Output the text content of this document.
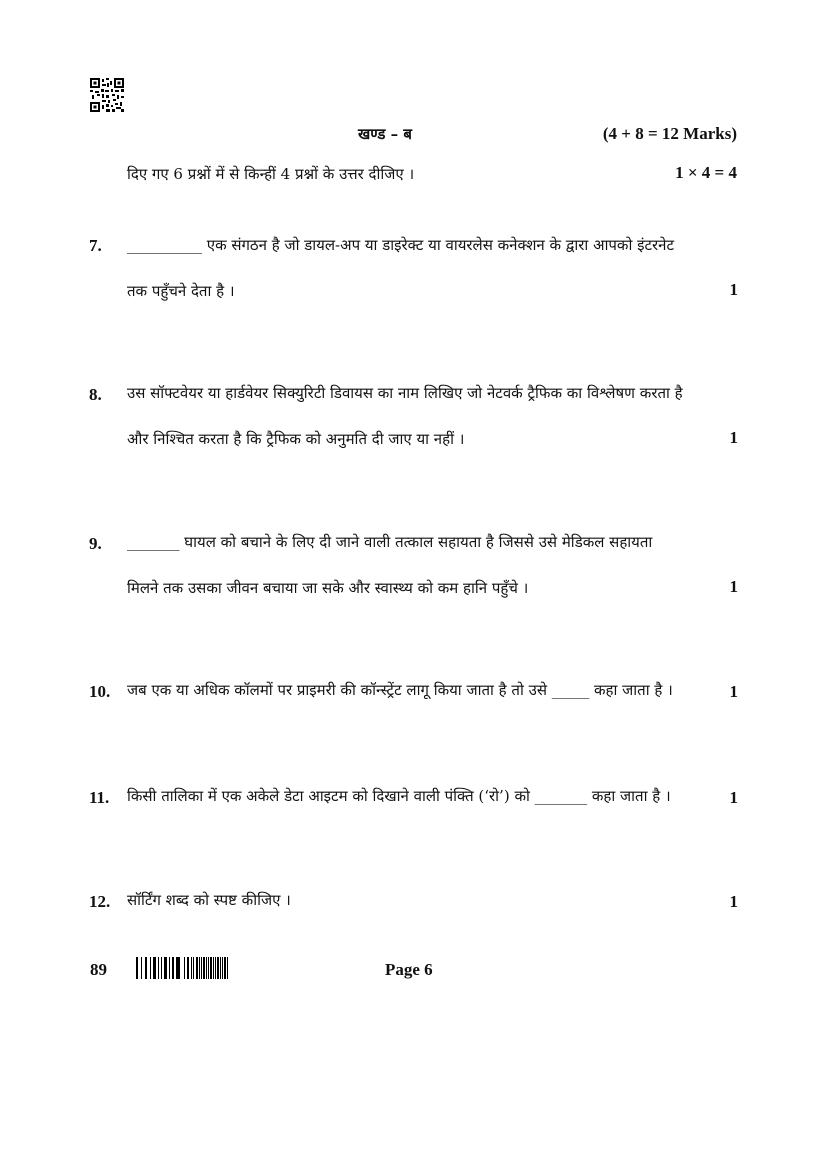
खण्ड – ब	(4 + 8 = 12 Marks)
दिए गए 6 प्रश्नों में से किन्हीं 4 प्रश्नों के उत्तर दीजिए ।	1 × 4 = 4
7. __________ एक संगठन है जो डायल-अप या डाइरेक्ट या वायरलेस कनेक्शन के द्वारा आपको इंटरनेट
तक पहुँचने देता है ।	1
8. उस सॉफ्टवेयर या हार्डवेयर सिक्युरिटी डिवायस का नाम लिखिए जो नेटवर्क ट्रैफिक का विश्लेषण करता है
और निश्चित करता है कि ट्रैफिक को अनुमति दी जाए या नहीं ।	1
9. _______ घायल को बचाने के लिए दी जाने वाली तत्काल सहायता है जिससे उसे मेडिकल सहायता
मिलने तक उसका जीवन बचाया जा सके और स्वास्थ्य को कम हानि पहुँचे ।	1
10. जब एक या अधिक कॉलमों पर प्राइमरी की कॉन्स्ट्रेंट लागू किया जाता है तो उसे _____ कहा जाता है ।	1
11. किसी तालिका में एक अकेले डेटा आइटम को दिखाने वाली पंक्ति (‘रो’) को _______ कहा जाता है ।	1
12. सॉर्टिंग शब्द को स्पष्ट कीजिए ।	1
89	Page 6
